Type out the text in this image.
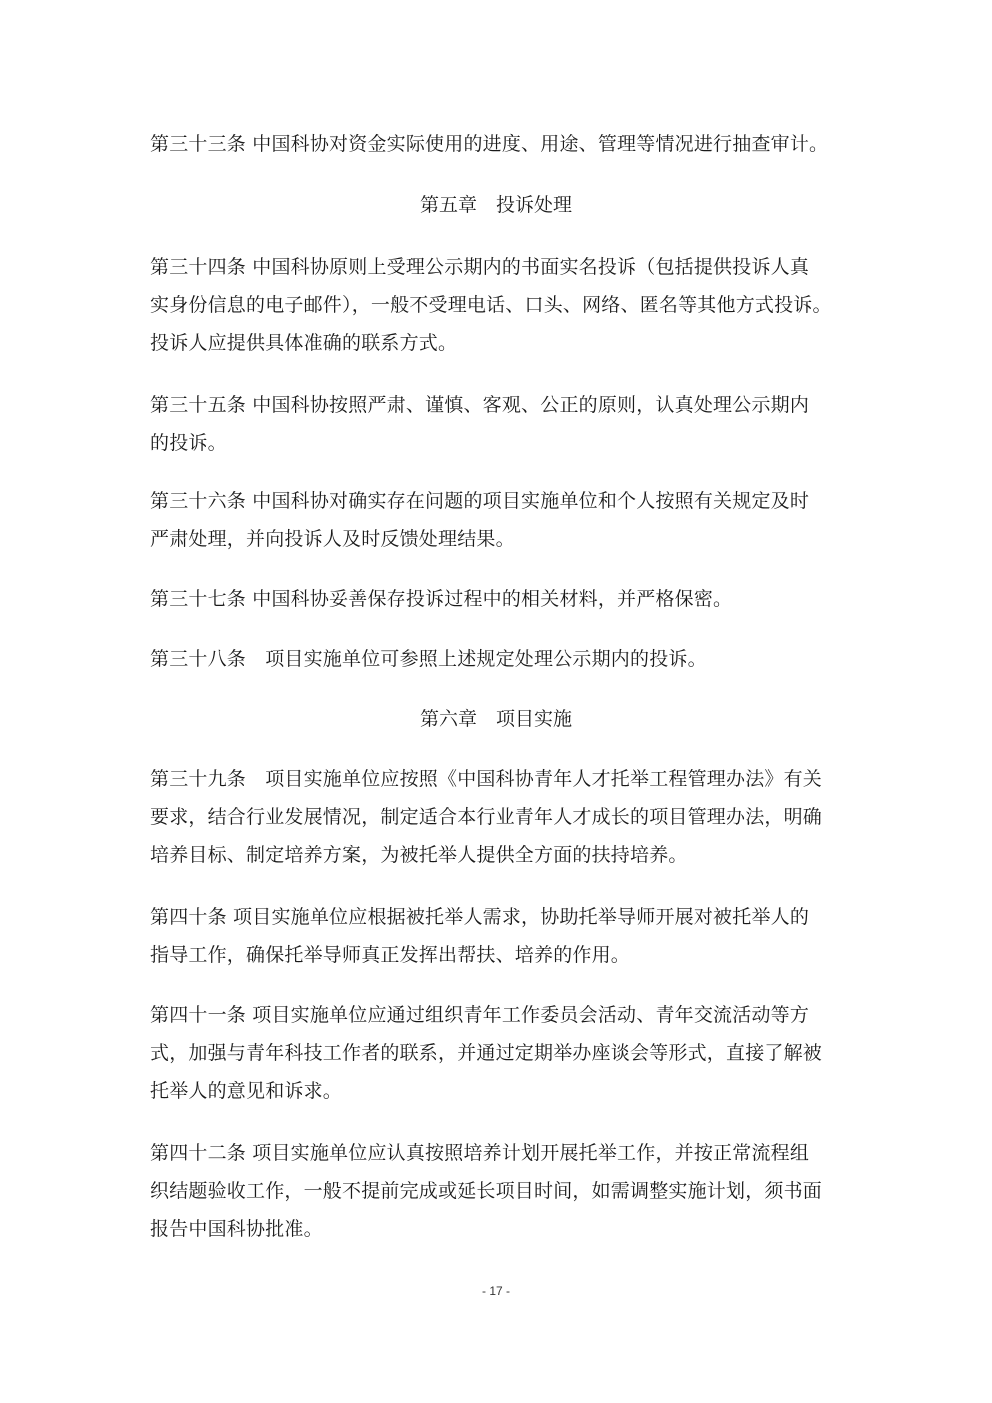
第三十三条 中国科协对资金实际使用的进度、用途、管理等情况进行抽查审计。
第五章　投诉处理
第三十四条 中国科协原则上受理公示期内的书面实名投诉（包括提供投诉人真
实身份信息的电子邮件），一般不受理电话、口头、网络、匿名等其他方式投诉。
投诉人应提供具体准确的联系方式。
第三十五条 中国科协按照严肃、谨慎、客观、公正的原则，认真处理公示期内
的投诉。
第三十六条 中国科协对确实存在问题的项目实施单位和个人按照有关规定及时
严肃处理，并向投诉人及时反馈处理结果。
第三十七条 中国科协妥善保存投诉过程中的相关材料，并严格保密。
第三十八条　项目实施单位可参照上述规定处理公示期内的投诉。
第六章　项目实施
第三十九条　项目实施单位应按照《中国科协青年人才托举工程管理办法》有关
要求，结合行业发展情况，制定适合本行业青年人才成长的项目管理办法，明确
培养目标、制定培养方案，为被托举人提供全方面的扶持培养。
第四十条 项目实施单位应根据被托举人需求，协助托举导师开展对被托举人的
指导工作，确保托举导师真正发挥出帮扶、培养的作用。
第四十一条 项目实施单位应通过组织青年工作委员会活动、青年交流活动等方
式，加强与青年科技工作者的联系，并通过定期举办座谈会等形式，直接了解被
托举人的意见和诉求。
第四十二条 项目实施单位应认真按照培养计划开展托举工作，并按正常流程组
织结题验收工作，一般不提前完成或延长项目时间，如需调整实施计划，须书面
报告中国科协批准。
- 17 -
